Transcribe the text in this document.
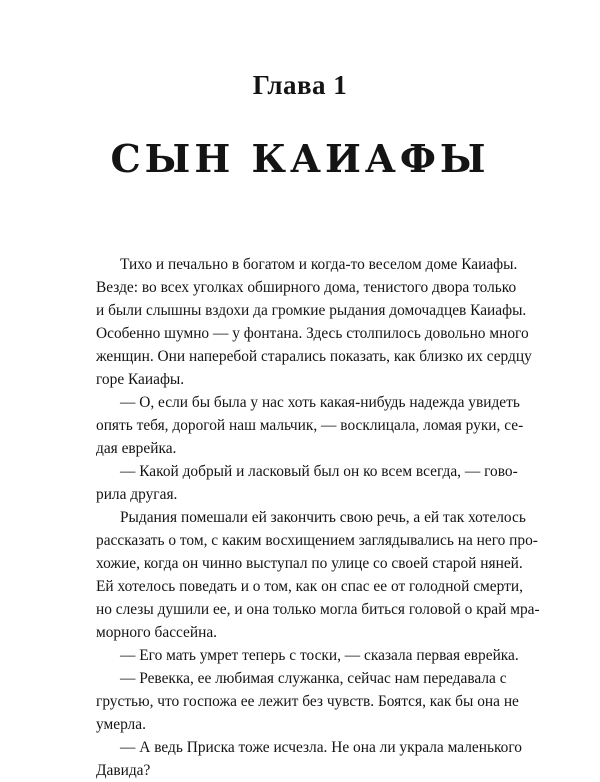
Глава 1
СЫН КАИАФЫ
Тихо и печально в богатом и когда-то веселом доме Каиафы.
Везде: во всех уголках обширного дома, тенистого двора только
и были слышны вздохи да громкие рыдания домочадцев Каиафы.
Особенно шумно — у фонтана. Здесь столпилось довольно много
женщин. Они наперебой старались показать, как близко их сердцу
горе Каиафы.
— О, если бы была у нас хоть какая-нибудь надежда увидеть
опять тебя, дорогой наш мальчик, — восклицала, ломая руки, се-
дая еврейка.
— Какой добрый и ласковый был он ко всем всегда, — гово-
рила другая.
Рыдания помешали ей закончить свою речь, а ей так хотелось
рассказать о том, с каким восхищением заглядывались на него про-
хожие, когда он чинно выступал по улице со своей старой няней.
Ей хотелось поведать и о том, как он спас ее от голодной смерти,
но слезы душили ее, и она только могла биться головой о край мра-
морного бассейна.
— Его мать умрет теперь с тоски, — сказала первая еврейка.
— Ревекка, ее любимая служанка, сейчас нам передавала с
грустью, что госпожа ее лежит без чувств. Боятся, как бы она не
умерла.
— А ведь Приска тоже исчезла. Не она ли украла маленького
Давида?
